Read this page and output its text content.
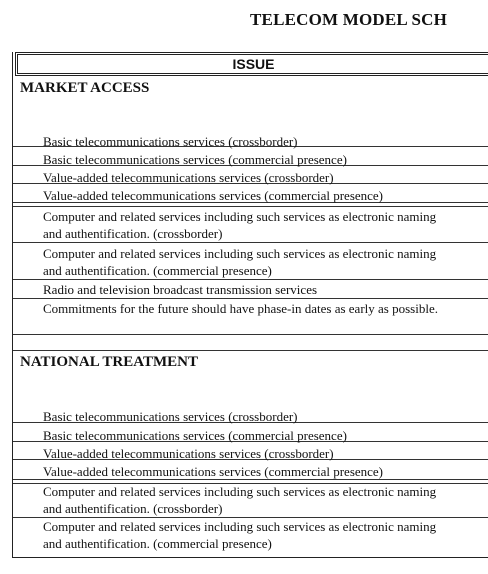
TELECOM MODEL SCH
ISSUE
MARKET ACCESS
Basic telecommunications services (crossborder)
Basic telecommunications services (commercial presence)
Value-added telecommunications services (crossborder)
Value-added telecommunications services (commercial presence)
Computer and related services including such services as electronic naming and authentification. (crossborder)
Computer and related services including such services as electronic naming and authentification. (commercial presence)
Radio and television broadcast transmission services
Commitments for the future should have phase-in dates as early as possible.
NATIONAL TREATMENT
Basic telecommunications services (crossborder)
Basic telecommunications services (commercial presence)
Value-added telecommunications services (crossborder)
Value-added telecommunications services (commercial presence)
Computer and related services including such services as electronic naming and authentification. (crossborder)
Computer and related services including such services as electronic naming and authentification. (commercial presence)
